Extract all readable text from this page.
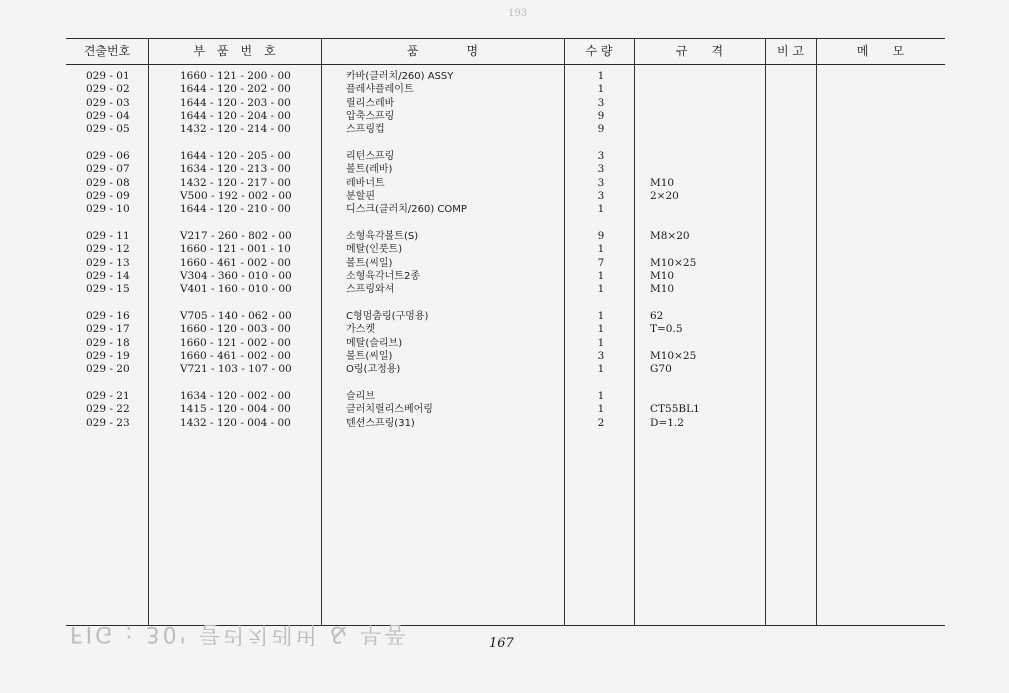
193
견출번호	부　품　번　호	품　　　　명	수 량	규　　격	비 고	메　　모
029 - 01	1660 - 121 - 200 - 00	카바(클러치/260) ASSY	1
029 - 02	1644 - 120 - 202 - 00	플레샤플레이트	1
029 - 03	1644 - 120 - 203 - 00	릴리스레바	3
029 - 04	1644 - 120 - 204 - 00	압축스프링	9
029 - 05	1432 - 120 - 214 - 00	스프링컵	9
029 - 06	1644 - 120 - 205 - 00	리턴스프링	3
029 - 07	1634 - 120 - 213 - 00	볼트(레바)	3
029 - 08	1432 - 120 - 217 - 00	레바너트	3	M10
029 - 09	V500 - 192 - 002 - 00	분할핀	3	2×20
029 - 10	1644 - 120 - 210 - 00	디스크(클러치/260) COMP	1
029 - 11	V217 - 260 - 802 - 00	소형육각볼트(S)	9	M8×20
029 - 12	1660 - 121 - 001 - 10	메탈(인풋트)	1
029 - 13	1660 - 461 - 002 - 00	볼트(씨일)	7	M10×25
029 - 14	V304 - 360 - 010 - 00	소형육각너트2종	1	M10
029 - 15	V401 - 160 - 010 - 00	스프링와셔	1	M10
029 - 16	V705 - 140 - 062 - 00	C형멈춤링(구멍용)	1	62
029 - 17	1660 - 120 - 003 - 00	가스켓	1	T=0.5
029 - 18	1660 - 121 - 002 - 00	메탈(슬리브)	1
029 - 19	1660 - 461 - 002 - 00	볼트(씨일)	3	M10×25
029 - 20	V721 - 103 - 107 - 00	O링(고정용)	1	G70
029 - 21	1634 - 120 - 002 - 00	슬리브	1
029 - 22	1415 - 120 - 004 - 00	클러치릴리스베어링	1	CT55BL1
029 - 23	1432 - 120 - 004 - 00	텐션스프링(31)	2	D=1.2
167
FIG : 30' 클러치레버 & 부품
